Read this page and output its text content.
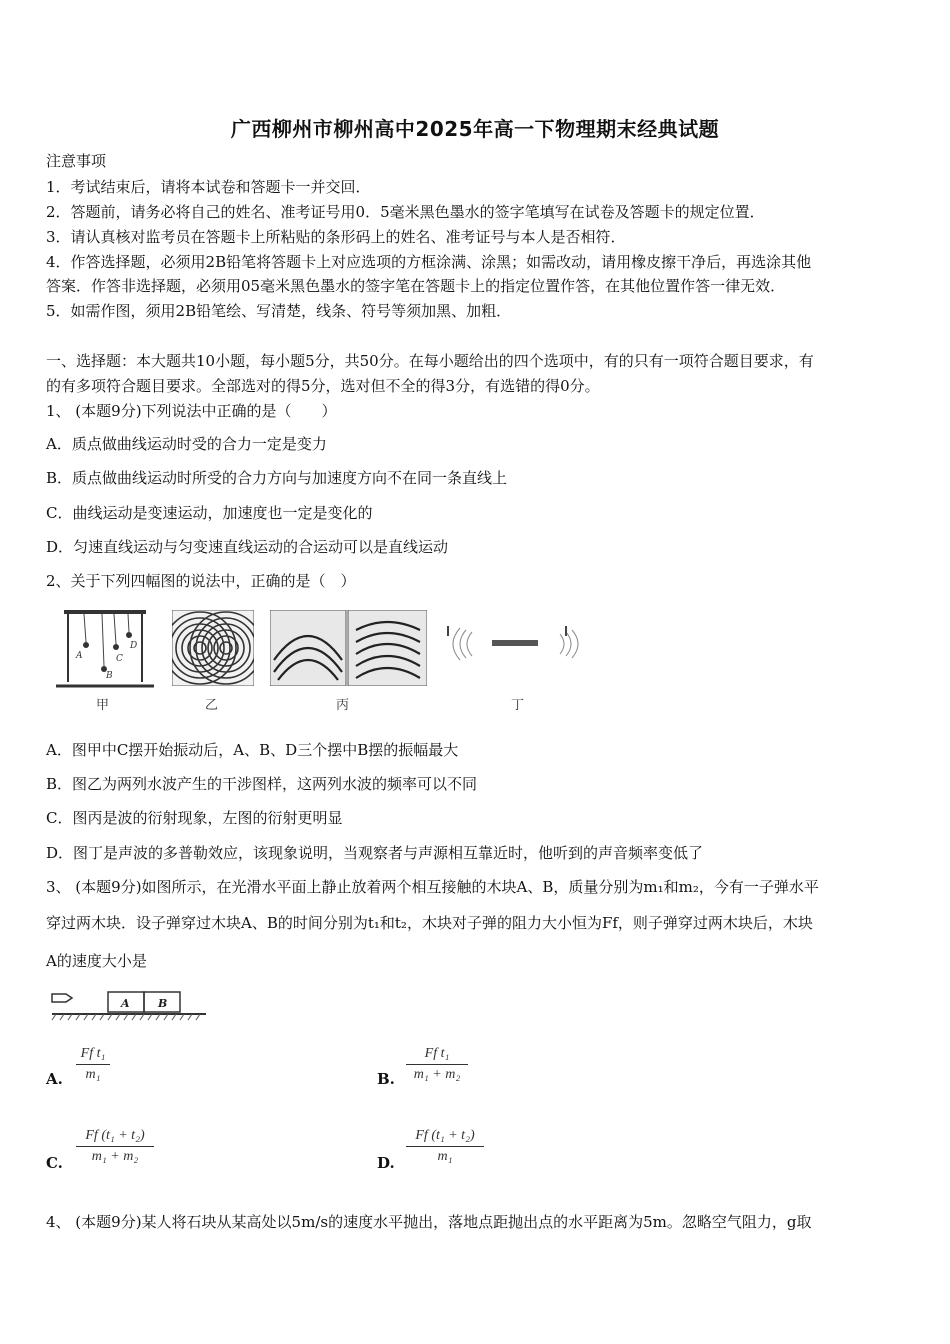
广西柳州市柳州高中2025年高一下物理期末经典试题
注意事项
1．考试结束后，请将本试卷和答题卡一并交回．
2．答题前，请务必将自己的姓名、准考证号用0．5毫米黑色墨水的签字笔填写在试卷及答题卡的规定位置．
3．请认真核对监考员在答题卡上所粘贴的条形码上的姓名、准考证号与本人是否相符．
4．作答选择题，必须用2B铅笔将答题卡上对应选项的方框涂满、涂黑；如需改动，请用橡皮擦干净后，再选涂其他
答案．作答非选择题，必须用05毫米黑色墨水的签字笔在答题卡上的指定位置作答，在其他位置作答一律无效．
5．如需作图，须用2B铅笔绘、写清楚，线条、符号等须加黑、加粗．
一、选择题：本大题共10小题，每小题5分，共50分。在每小题给出的四个选项中，有的只有一项符合题目要求，有
的有多项符合题目要求。全部选对的得5分，选对但不全的得3分，有选错的得0分。
1、 (本题9分)下列说法中正确的是（　　）
A．质点做曲线运动时受的合力一定是变力
B．质点做曲线运动时所受的合力方向与加速度方向不在同一条直线上
C．曲线运动是变速运动，加速度也一定是变化的
D．匀速直线运动与匀变速直线运动的合运动可以是直线运动
2、关于下列四幅图的说法中，正确的是（　）
A
B
C
D
甲	乙	丙	丁
A．图甲中C摆开始振动后，A、B、D三个摆中B摆的振幅最大
B．图乙为两列水波产生的干涉图样，这两列水波的频率可以不同
C．图丙是波的衍射现象，左图的衍射更明显
D．图丁是声波的多普勒效应，该现象说明，当观察者与声源相互靠近时，他听到的声音频率变低了
3、 (本题9分)如图所示，在光滑水平面上静止放着两个相互接触的木块A、B，质量分别为m₁和m₂，今有一子弹水平
穿过两木块．设子弹穿过木块A、B的时间分别为t₁和t₂，木块对子弹的阻力大小恒为Ff，则子弹穿过两木块后，木块
A的速度大小是
A	B
A.
Ff t₁
m₁	B.
Ff t₁
m₁ + m₂
C.
Ff (t₁ + t₂)
m₁ + m₂	D.
Ff (t₁ + t₂)
m₁
4、 (本题9分)某人将石块从某高处以5m/s的速度水平抛出，落地点距抛出点的水平距离为5m。忽略空气阻力，g取
